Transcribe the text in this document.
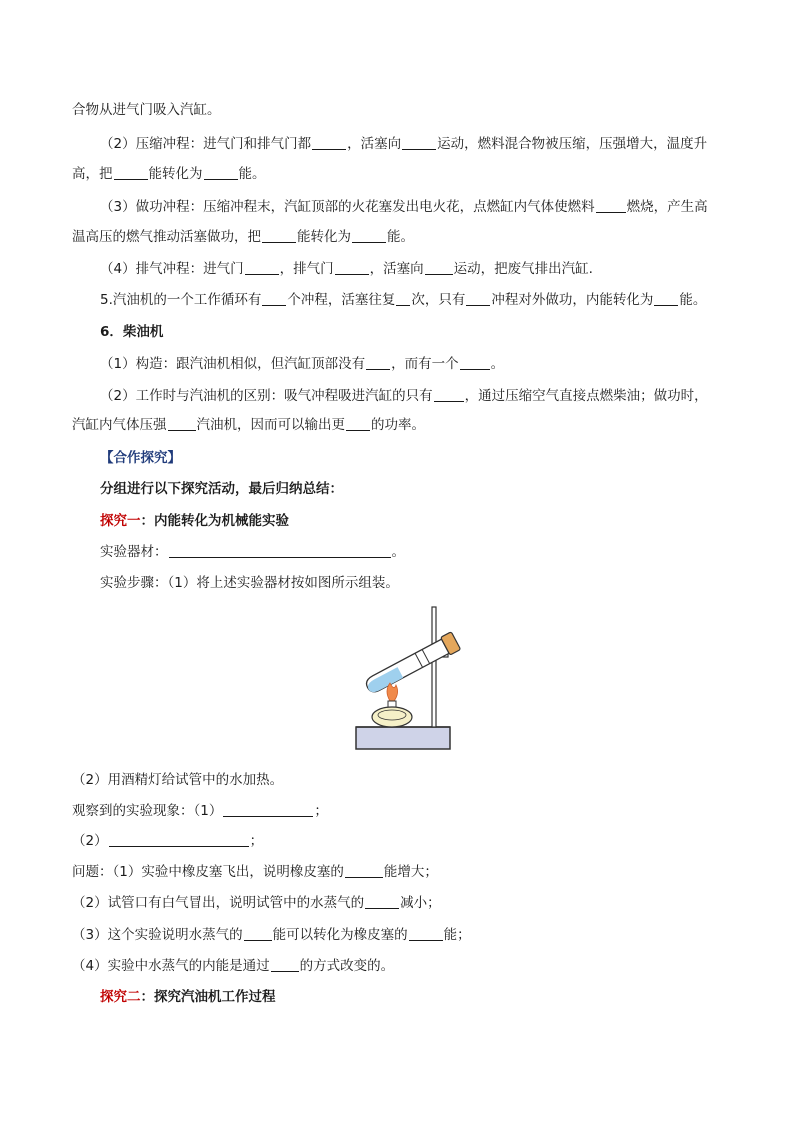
合物从进气门吸入汽缸。
（2）压缩冲程：进气门和排气门都	，活塞向	运动，燃料混合物被压缩，压强增大，温度升
高，把	能转化为	能。
（3）做功冲程：压缩冲程末，汽缸顶部的火花塞发出电火花，点燃缸内气体使燃料 燃烧，产生高
温高压的燃气推动活塞做功，把	能转化为	能。
（4）排气冲程：进气门	，排气门	，活塞向 运动，把废气排出汽缸.
5.汽油机的一个工作循环有 个冲程，活塞往复 次，只有 冲程对外做功，内能转化为 能。
6．柴油机
（1）构造：跟汽油机相似，但汽缸顶部没有 ，而有一个 。
（2）工作时与汽油机的区别：吸气冲程吸进汽缸的只有 ，通过压缩空气直接点燃柴油；做功时，
汽缸内气体压强 汽油机，因而可以输出更 的功率。
【合作探究】
分组进行以下探究活动，最后归纳总结：
探究一：内能转化为机械能实验
实验器材：	。
实验步骤：（1）将上述实验器材按如图所示组装。
（2）用酒精灯给试管中的水加热。
观察到的实验现象：（1）	；
（2）	；
问题：（1）实验中橡皮塞飞出，说明橡皮塞的	能增大；
（2）试管口有白气冒出，说明试管中的水蒸气的	减小；
（3）这个实验说明水蒸气的 能可以转化为橡皮塞的	能；
（4）实验中水蒸气的内能是通过 的方式改变的。
探究二：探究汽油机工作过程
